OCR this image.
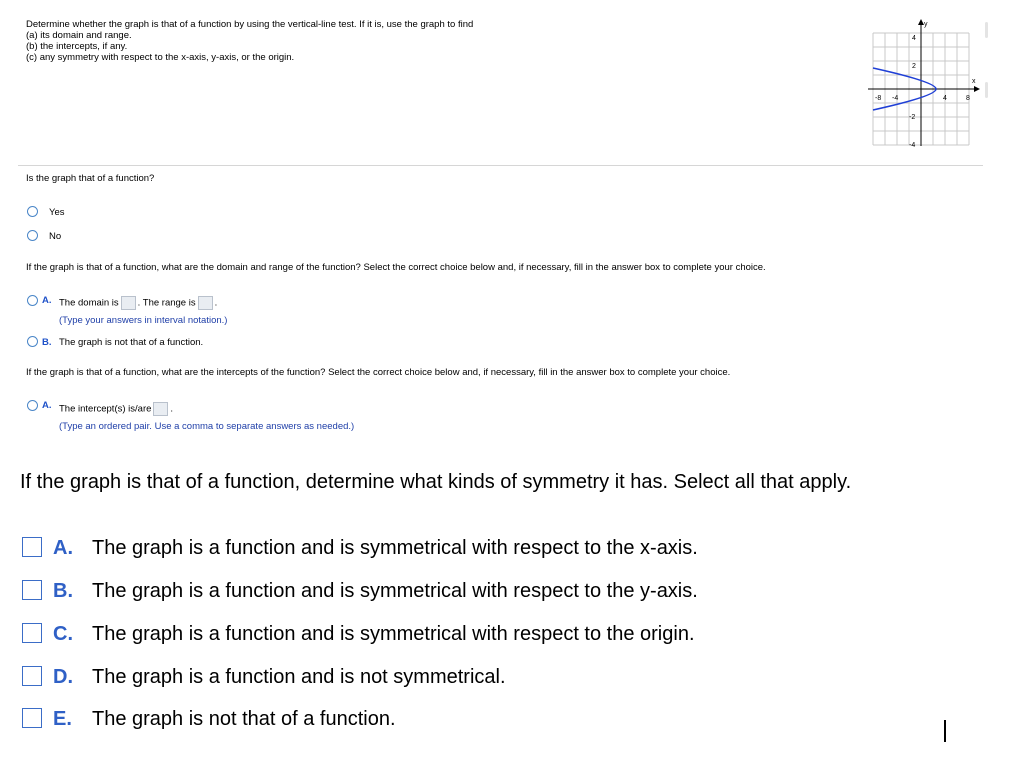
Determine whether the graph is that of a function by using the vertical-line test. If it is, use the graph to find
(a) its domain and range.
(b) the intercepts, if any.
(c) any symmetry with respect to the x-axis, y-axis, or the origin.
y
x
-8 -4	4	8
4
2
-2
-4
Is the graph that of a function?
Yes
No
If the graph is that of a function, what are the domain and range of the function? Select the correct choice below and, if necessary, fill in the answer box to complete your choice.
A. The domain is . The range is .
(Type your answers in interval notation.)
B. The graph is not that of a function.
If the graph is that of a function, what are the intercepts of the function? Select the correct choice below and, if necessary, fill in the answer box to complete your choice.
A. The intercept(s) is/are .
(Type an ordered pair. Use a comma to separate answers as needed.)
If the graph is that of a function, determine what kinds of symmetry it has. Select all that apply.
A. The graph is a function and is symmetrical with respect to the x-axis.
B. The graph is a function and is symmetrical with respect to the y-axis.
C. The graph is a function and is symmetrical with respect to the origin.
D. The graph is a function and is not symmetrical.
E. The graph is not that of a function.
